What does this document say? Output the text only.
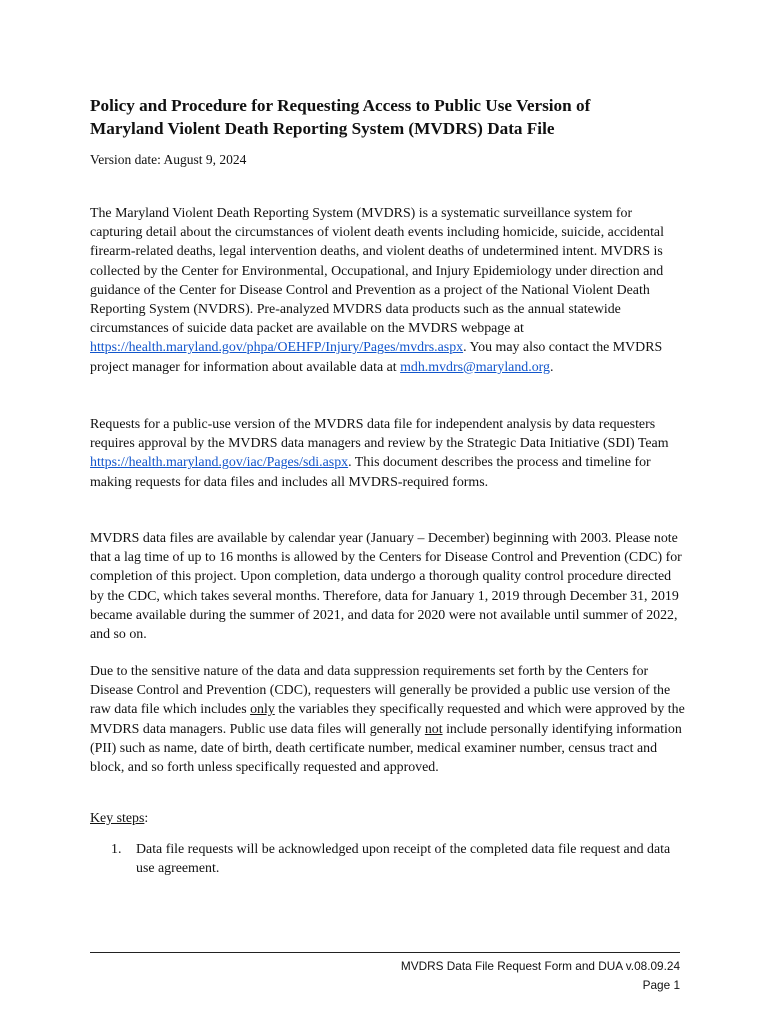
Policy and Procedure for Requesting Access to Public Use Version of
Maryland Violent Death Reporting System (MVDRS) Data File
Version date: August 9, 2024

The Maryland Violent Death Reporting System (MVDRS) is a systematic surveillance system for capturing detail about the circumstances of violent death events including homicide, suicide, accidental firearm-related deaths, legal intervention deaths, and violent deaths of undetermined intent. MVDRS is collected by the Center for Environmental, Occupational, and Injury Epidemiology under direction and guidance of the Center for Disease Control and Prevention as a project of the National Violent Death Reporting System (NVDRS). Pre-analyzed MVDRS data products such as the annual statewide circumstances of suicide data packet are available on the MVDRS webpage at https://health.maryland.gov/phpa/OEHFP/Injury/Pages/mvdrs.aspx. You may also contact the MVDRS project manager for information about available data at mdh.mvdrs@maryland.org.

Requests for a public-use version of the MVDRS data file for independent analysis by data requesters requires approval by the MVDRS data managers and review by the Strategic Data Initiative (SDI) Team https://health.maryland.gov/iac/Pages/sdi.aspx. This document describes the process and timeline for making requests for data files and includes all MVDRS-required forms.

MVDRS data files are available by calendar year (January – December) beginning with 2003. Please note that a lag time of up to 16 months is allowed by the Centers for Disease Control and Prevention (CDC) for completion of this project. Upon completion, data undergo a thorough quality control procedure directed by the CDC, which takes several months. Therefore, data for January 1, 2019 through December 31, 2019 became available during the summer of 2021, and data for 2020 were not available until summer of 2022, and so on.

Due to the sensitive nature of the data and data suppression requirements set forth by the Centers for Disease Control and Prevention (CDC), requesters will generally be provided a public use version of the raw data file which includes only the variables they specifically requested and which were approved by the MVDRS data managers. Public use data files will generally not include personally identifying information (PII) such as name, date of birth, death certificate number, medical examiner number, census tract and block, and so forth unless specifically requested and approved.

Key steps:
1. Data file requests will be acknowledged upon receipt of the completed data file request and data use agreement.
MVDRS Data File Request Form and DUA v.08.09.24
Page 1
